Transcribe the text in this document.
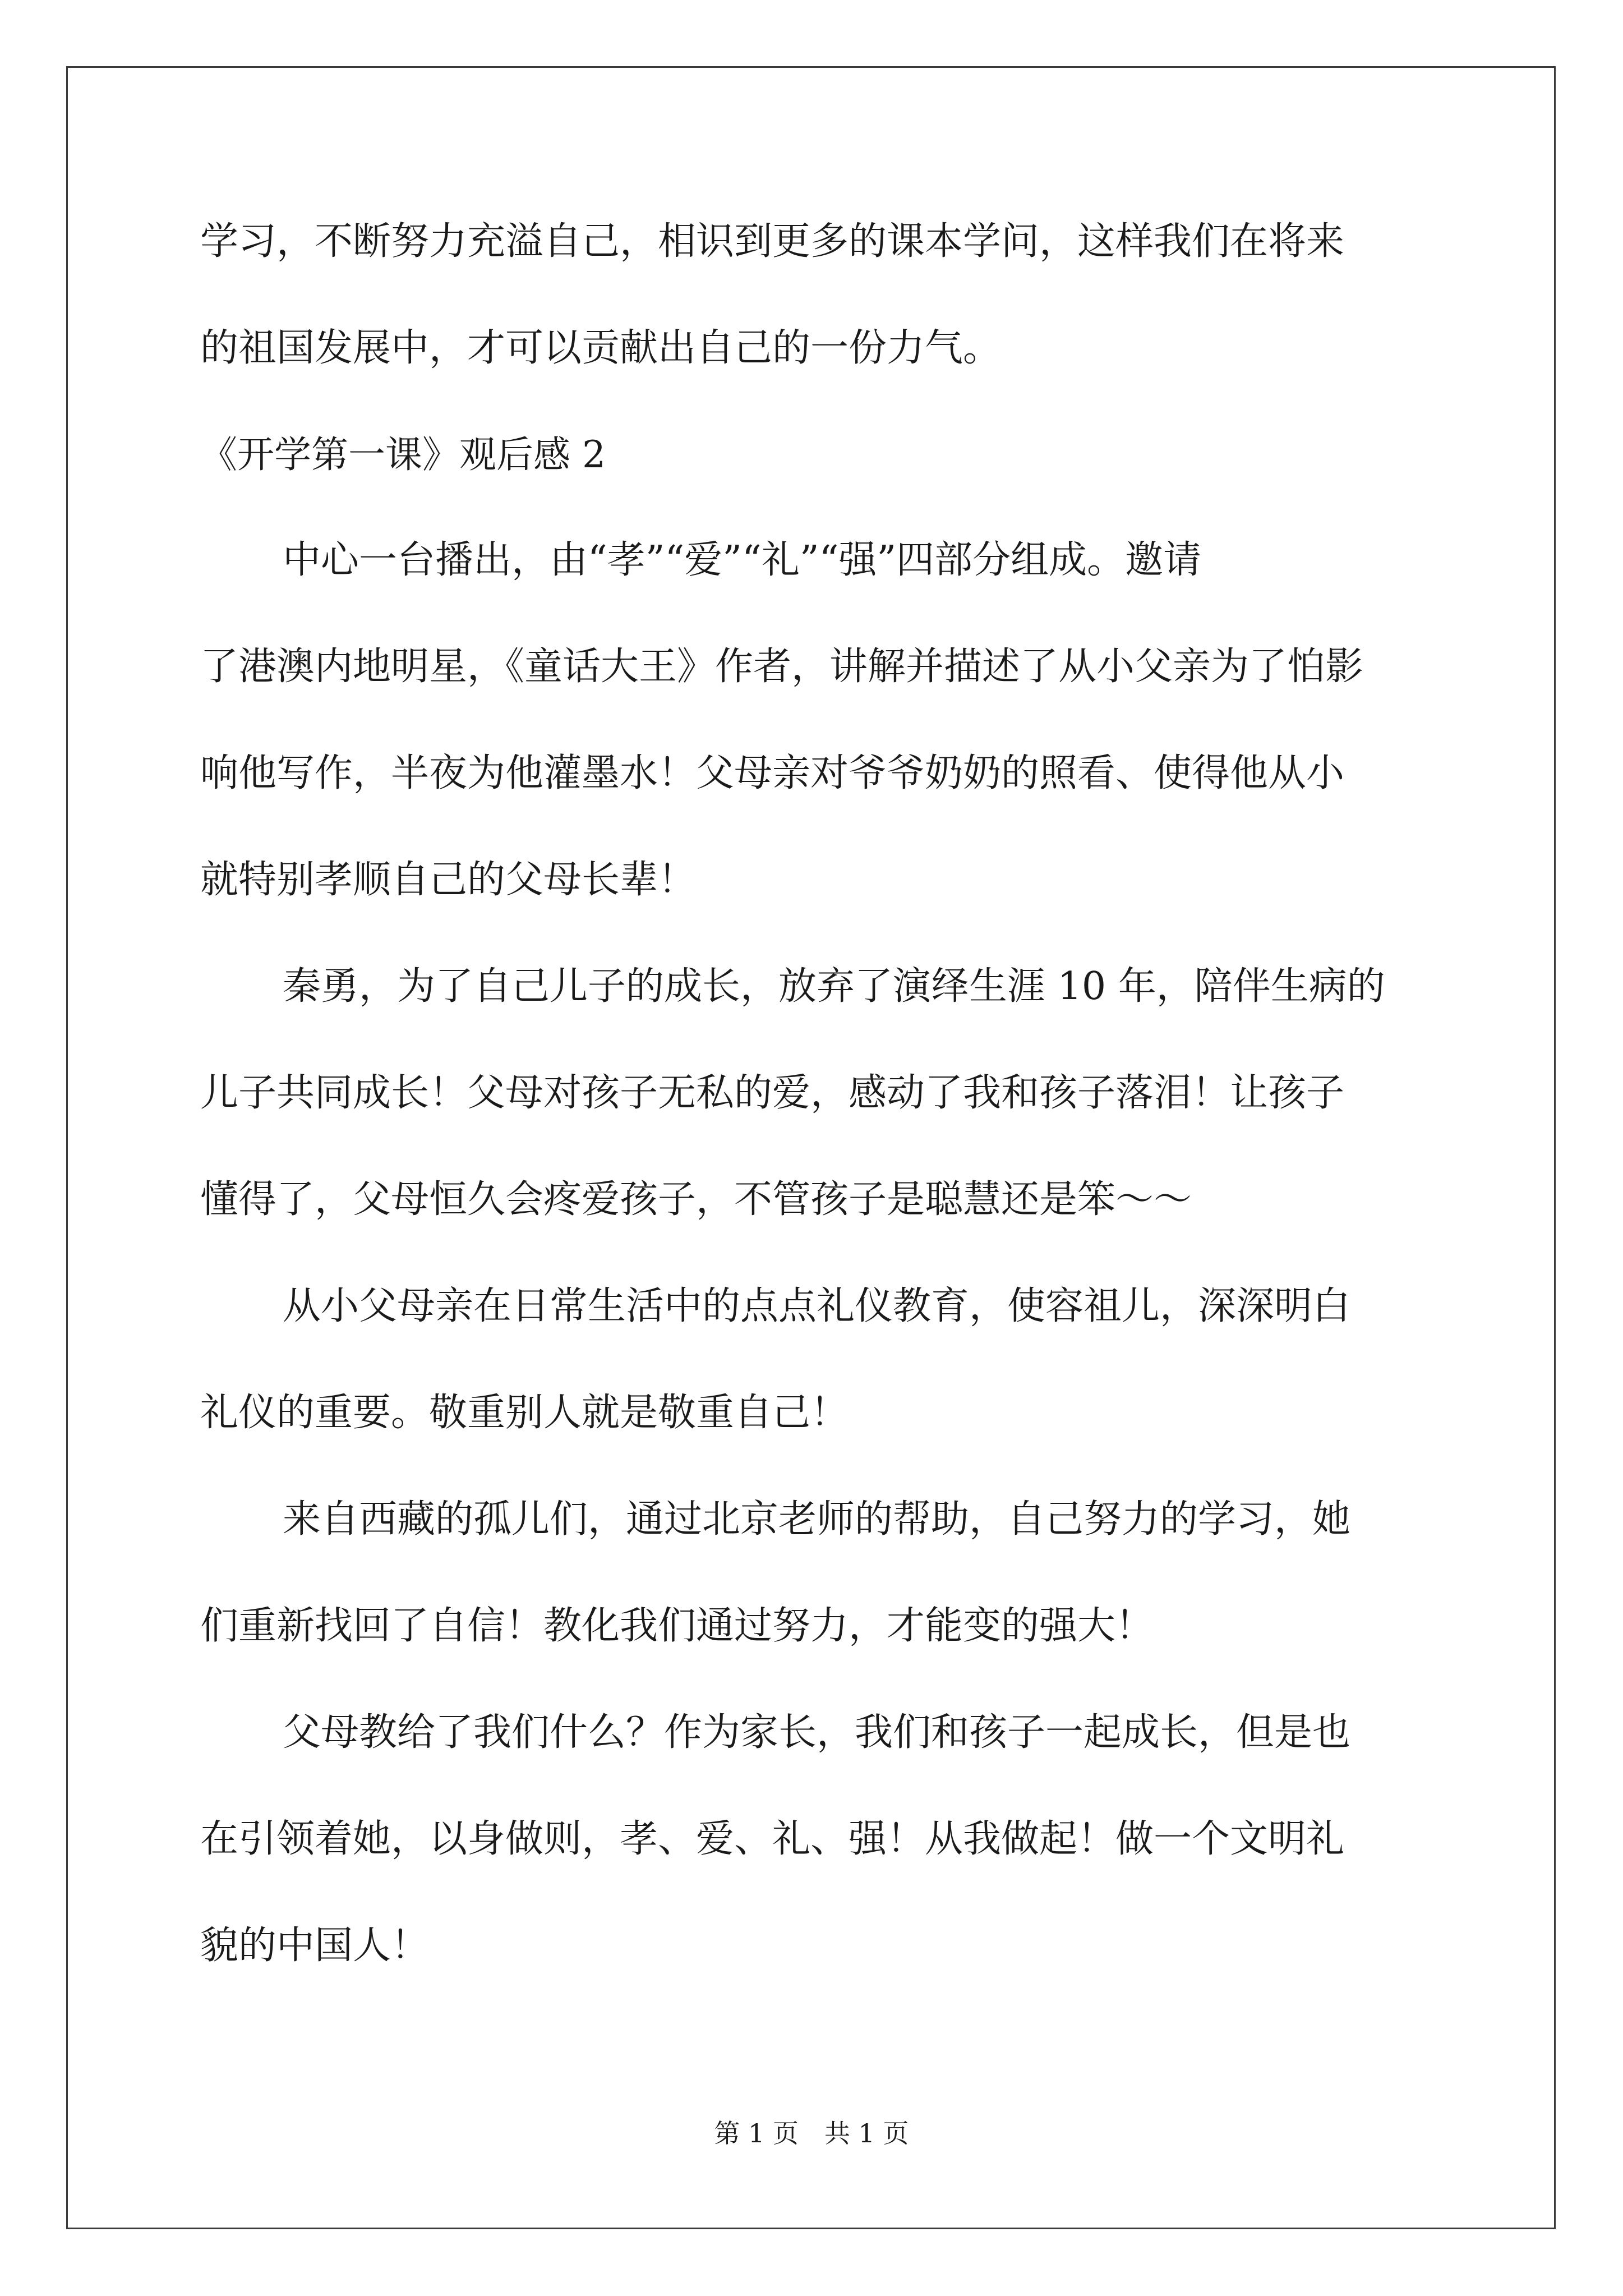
学习，不断努力充溢自己，相识到更多的课本学问，这样我们在将来
的祖国发展中，才可以贡献出自己的一份力气。
《开学第一课》观后感 2
中心一台播出，由“孝”“爱”“礼”“强”四部分组成。邀请
了港澳内地明星，《童话大王》作者，讲解并描述了从小父亲为了怕影
响他写作，半夜为他灌墨水！父母亲对爷爷奶奶的照看、使得他从小
就特别孝顺自己的父母长辈！
秦勇，为了自己儿子的成长，放弃了演绎生涯 10 年，陪伴生病的
儿子共同成长！父母对孩子无私的爱，感动了我和孩子落泪！让孩子
懂得了，父母恒久会疼爱孩子，不管孩子是聪慧还是笨～～
从小父母亲在日常生活中的点点礼仪教育，使容祖儿，深深明白
礼仪的重要。敬重别人就是敬重自己！
来自西藏的孤儿们，通过北京老师的帮助，自己努力的学习，她
们重新找回了自信！教化我们通过努力，才能变的强大！
父母教给了我们什么？作为家长，我们和孩子一起成长，但是也
在引领着她，以身做则，孝、爱、礼、强！从我做起！做一个文明礼
貌的中国人！
第 1 页　共 1 页
